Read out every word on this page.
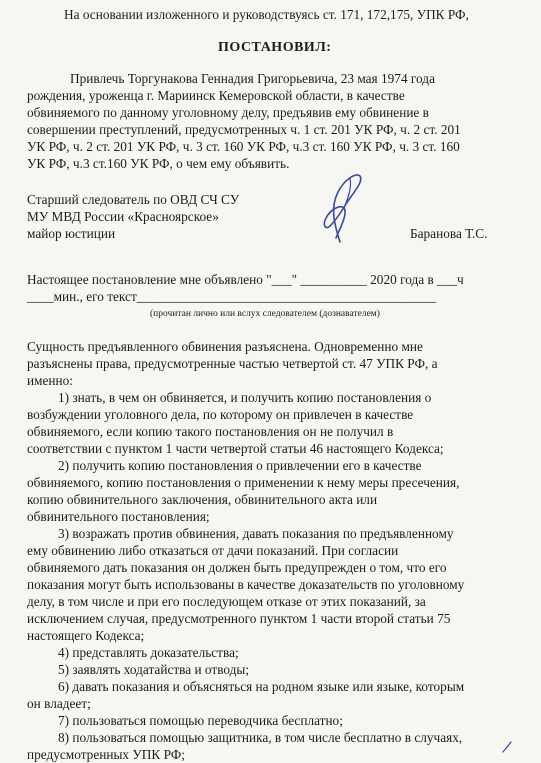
На основании изложенного и руководствуясь ст. 171, 172,175, УПК РФ,
ПОСТАНОВИЛ:
Привлечь Торгунакова Геннадия Григорьевича, 23 мая 1974 года
рождения, уроженца г. Мариинск Кемеровской области, в качестве
обвиняемого по данному уголовному делу, предъявив ему обвинение в
совершении преступлений, предусмотренных ч. 1 ст. 201 УК РФ, ч. 2 ст. 201
УК РФ, ч. 2 ст. 201 УК РФ, ч. 3 ст. 160 УК РФ, ч.3 ст. 160 УК РФ, ч. 3 ст. 160
УК РФ, ч.3 ст.160 УК РФ, о чем ему объявить.
Старший следователь по ОВД СЧ СУ
МУ МВД России «Красноярское»
майор юстиции	Баранова Т.С.
Настоящее постановление мне объявлено "___" __________ 2020 года в ___ч
____мин., его текст_____________________________________________
(прочитан лично или вслух следователем (дознавателем)
Сущность предъявленного обвинения разъяснена. Одновременно мне
разъяснены права, предусмотренные частью четвертой ст. 47 УПК РФ, а
именно:
1) знать, в чем он обвиняется, и получить копию постановления о
возбуждении уголовного дела, по которому он привлечен в качестве
обвиняемого, если копию такого постановления он не получил в
соответствии с пунктом 1 части четвертой статьи 46 настоящего Кодекса;
2) получить копию постановления о привлечении его в качестве
обвиняемого, копию постановления о применении к нему меры пресечения,
копию обвинительного заключения, обвинительного акта или
обвинительного постановления;
3) возражать против обвинения, давать показания по предъявленному
ему обвинению либо отказаться от дачи показаний. При согласии
обвиняемого дать показания он должен быть предупрежден о том, что его
показания могут быть использованы в качестве доказательств по уголовному
делу, в том числе и при его последующем отказе от этих показаний, за
исключением случая, предусмотренного пунктом 1 части второй статьи 75
настоящего Кодекса;
4) представлять доказательства;
5) заявлять ходатайства и отводы;
6) давать показания и объясняться на родном языке или языке, которым
он владеет;
7) пользоваться помощью переводчика бесплатно;
8) пользоваться помощью защитника, в том числе бесплатно в случаях,
предусмотренных УПК РФ;
